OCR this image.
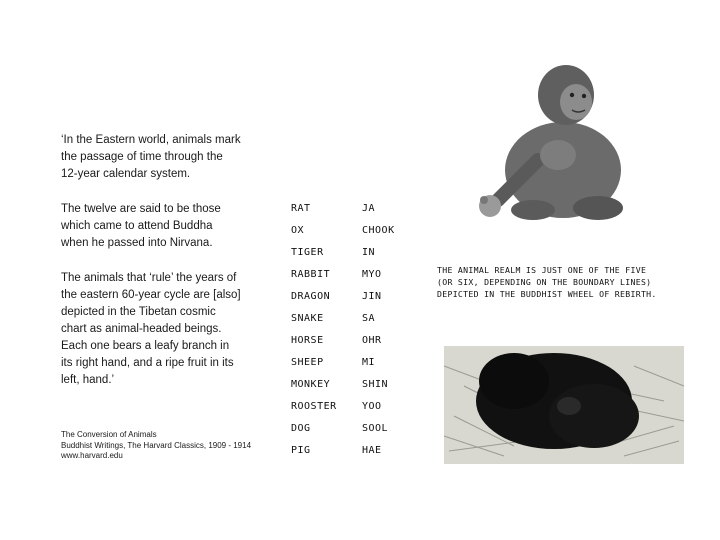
‘In the Eastern world, animals mark the passage of time through the 12-year calendar system.

The twelve are said to be those which came to attend Buddha when he passed into Nirvana.

The animals that ‘rule’ the years of the eastern 60-year cycle are [also] depicted in the Tibetan cosmic chart as animal-headed beings. Each one bears a leafy branch in its right hand, and a ripe fruit in its left, hand.’

The Conversion of Animals
Buddhist Writings, The Harvard Classics, 1909 - 1914
www.harvard.edu
RAT	JA
OX	CHOOK
TIGER	IN
RABBIT	MYO
DRAGON	JIN
SNAKE	SA
HORSE	OHR
SHEEP	MI
MONKEY	SHIN
ROOSTER	YOO
DOG	SOOL
PIG	HAE
THE ANIMAL REALM IS JUST ONE OF THE FIVE
(OR SIX, DEPENDING ON THE BOUNDARY LINES)
DEPICTED IN THE BUDDHIST WHEEL OF REBIRTH.
